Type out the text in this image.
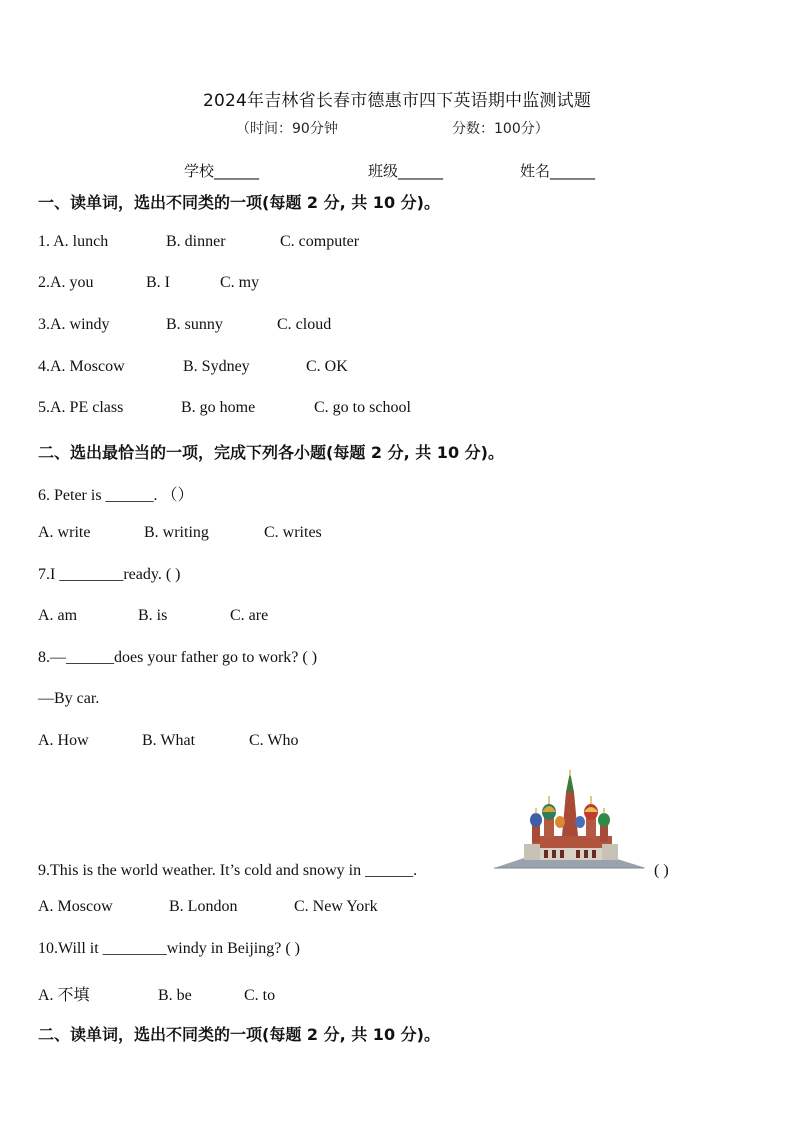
2024年吉林省长春市德惠市四下英语期中监测试题
（时间：90分钟	分数：100分）
学校______	班级______	姓名______
一、读单词，选出不同类的一项(每题 2 分, 共 10 分)。
1. A. lunch	B. dinner	C. computer
2.A. you	B. I	C. my
3.A. windy	B. sunny	C. cloud
4.A. Moscow	B. Sydney	C. OK
5.A. PE class	B. go home	C. go to school
二、选出最恰当的一项，完成下列各小题(每题 2 分, 共 10 分)。
6. Peter is ______. （）
A. write	B. writing	C. writes
7.I ________ready. ( )
A. am	B. is	C. are
8.—______does your father go to work? ( )
—By car.
A. How	B. What	C. Who
9.This is the world weather. It’s cold and snowy in ______.	( )
A. Moscow	B. London	C. New York
10.Will it ________windy in Beijing? ( )
A. 不填	B. be	C. to
二、读单词，选出不同类的一项(每题 2 分, 共 10 分)。
